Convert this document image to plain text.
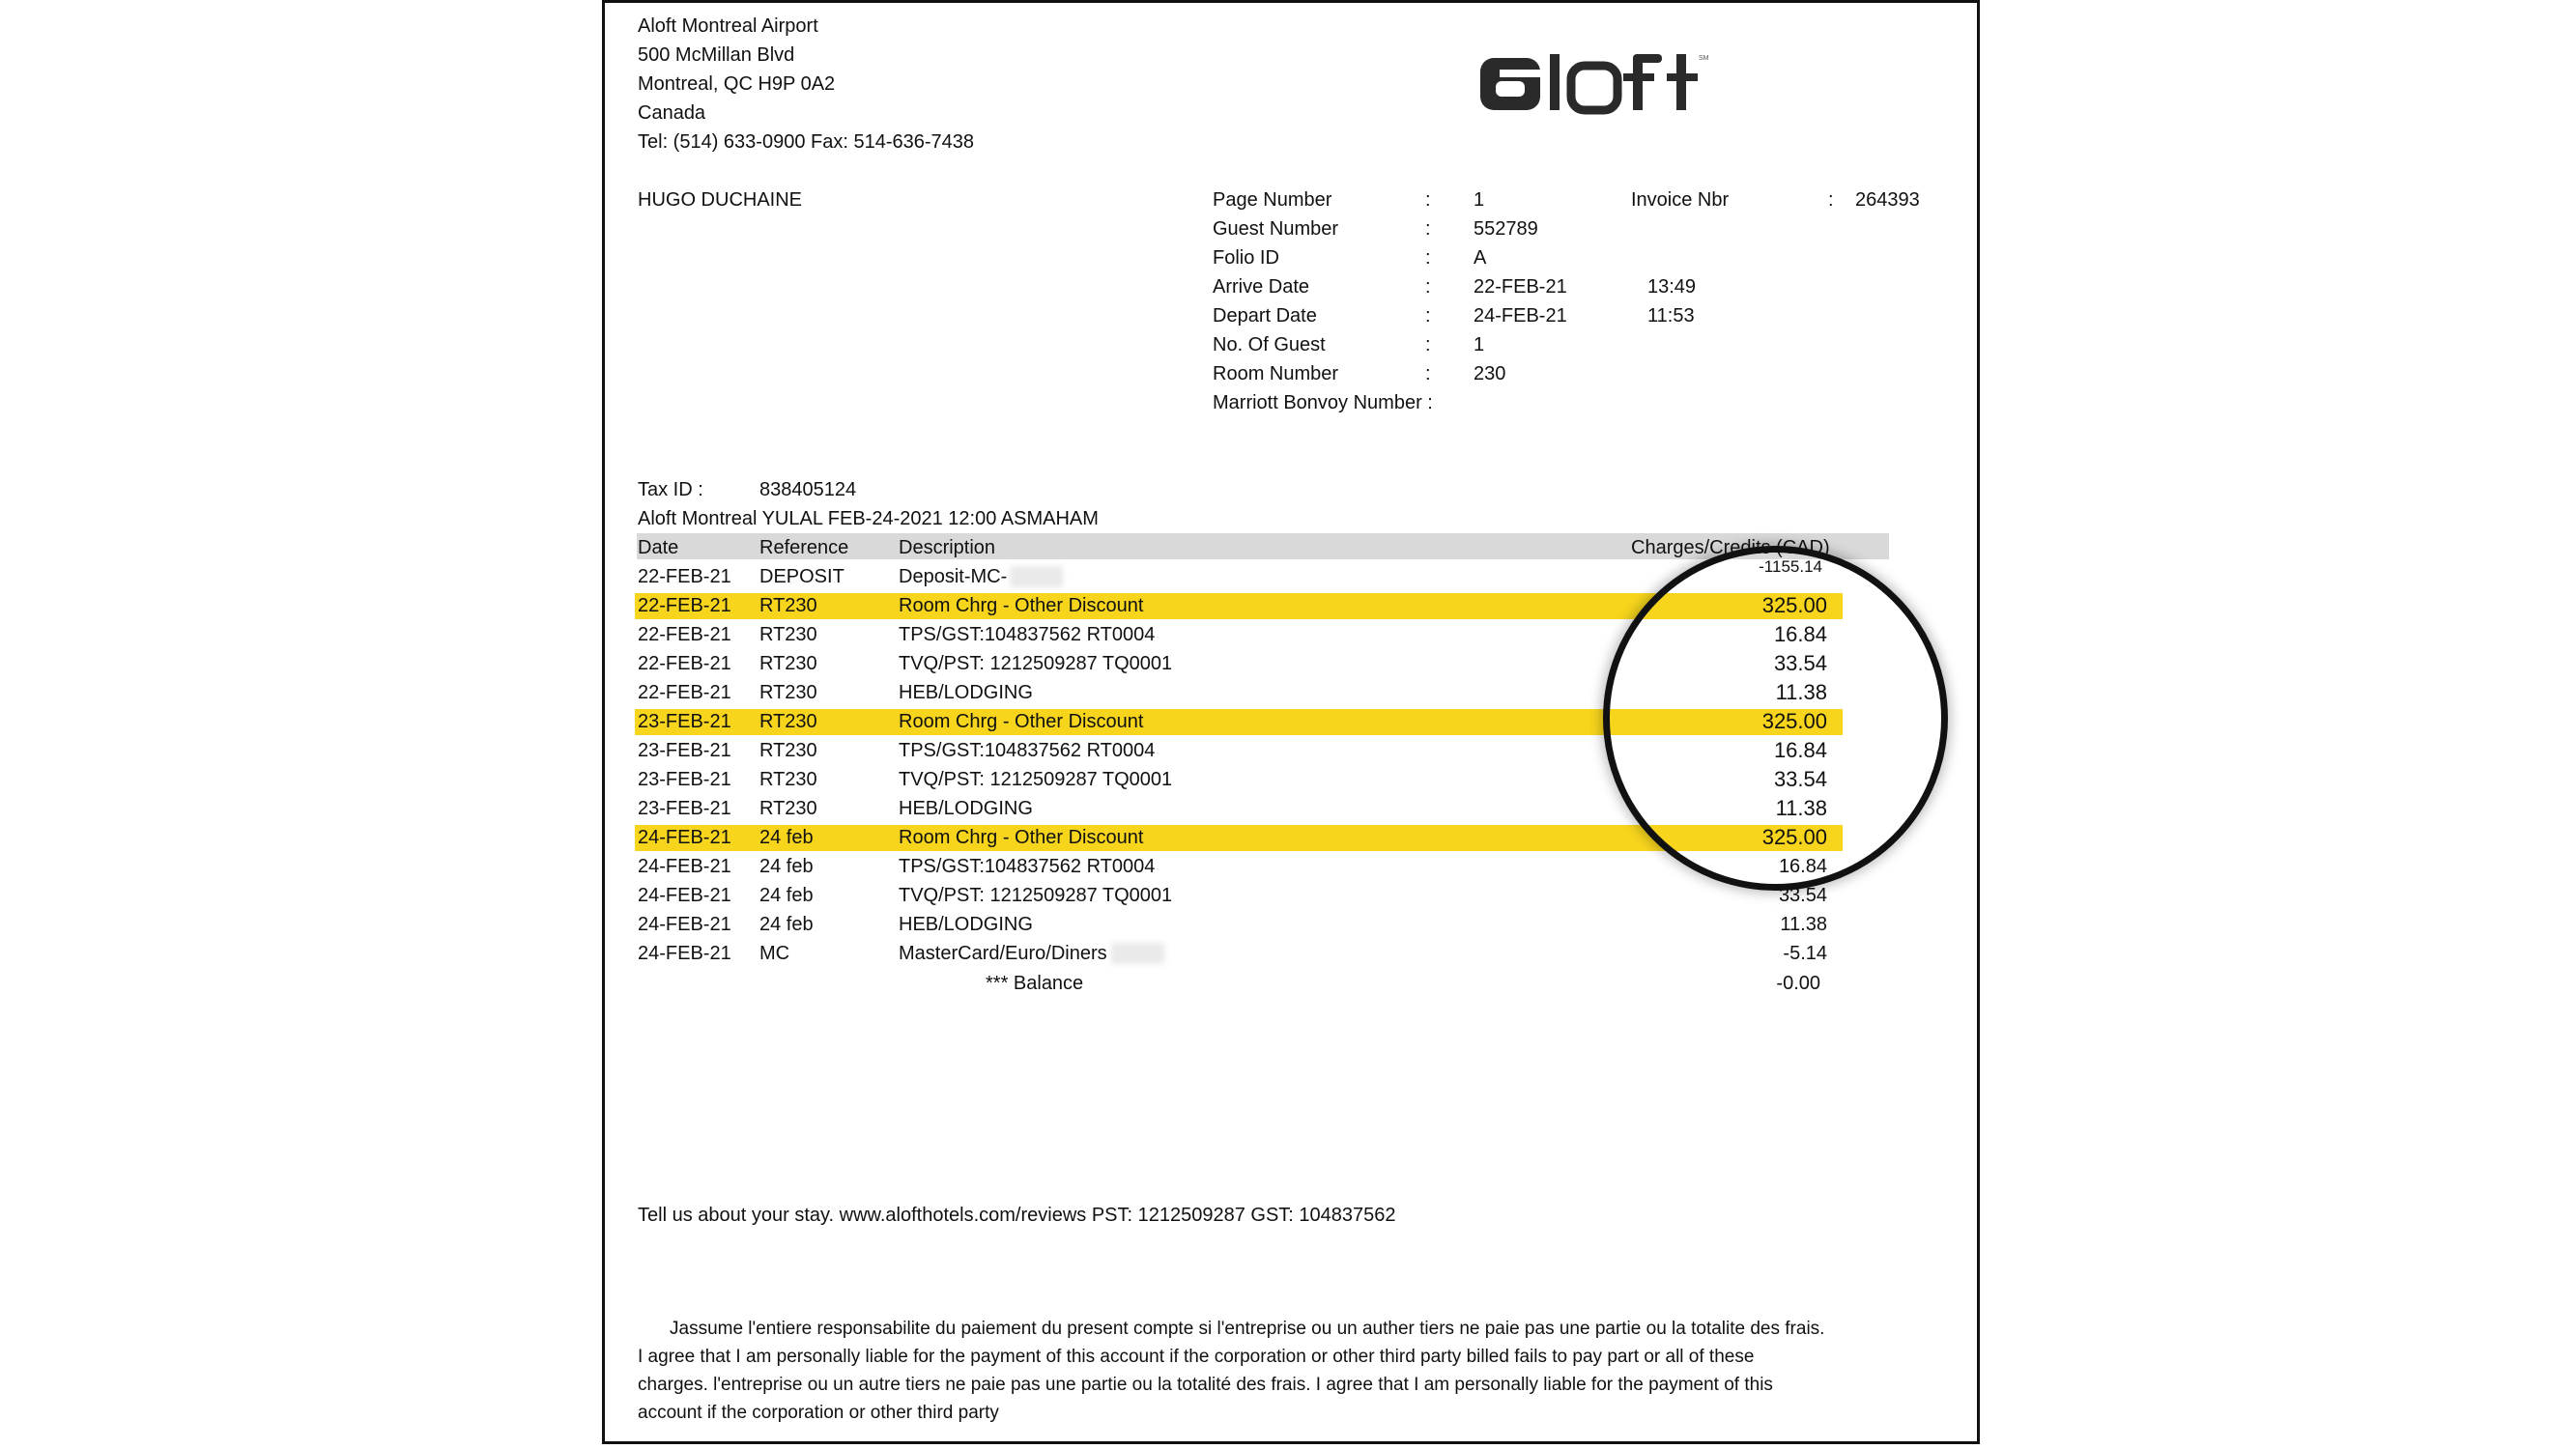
Aloft Montreal Airport
500 McMillan Blvd
Montreal, QC H9P 0A2
Canada
Tel: (514) 633-0900 Fax: 514-636-7438
SM
HUGO DUCHAINE	Page Number	: 1	Invoice Nbr	: 264393
Guest Number	: 552789
Folio ID	: A
Arrive Date	: 22-FEB-21	13:49
Depart Date	: 24-FEB-21	11:53
No. Of Guest	: 1
Room Number	: 230
Marriott Bonvoy Number :
Tax ID :	838405124
Aloft Montreal YULAL FEB-24-2021 12:00 ASMAHAM
Date	Reference	Description	Charges/Credits (CAD)
22-FEB-21 DEPOSIT	Deposit-MC-	-1155.14
22-FEB-21 RT230	Room Chrg - Other Discount	325.00
22-FEB-21 RT230	TPS/GST:104837562 RT0004	16.84
22-FEB-21 RT230	TVQ/PST: 1212509287 TQ0001	33.54
22-FEB-21 RT230	HEB/LODGING	11.38
23-FEB-21 RT230	Room Chrg - Other Discount	325.00
23-FEB-21 RT230	TPS/GST:104837562 RT0004	16.84
23-FEB-21 RT230	TVQ/PST: 1212509287 TQ0001	33.54
23-FEB-21 RT230	HEB/LODGING	11.38
24-FEB-21 24 feb	Room Chrg - Other Discount	325.00
24-FEB-21 24 feb	TPS/GST:104837562 RT0004	16.84
24-FEB-21 24 feb	TVQ/PST: 1212509287 TQ0001	33.54
24-FEB-21 24 feb	HEB/LODGING	11.38
24-FEB-21 MC	MasterCard/Euro/Diners	-5.14
*** Balance	-0.00
Tell us about your stay. www.alofthotels.com/reviews PST: 1212509287 GST: 104837562
Jassume l'entiere responsabilite du paiement du present compte si l'entreprise ou un auther tiers ne paie pas une partie ou la totalite des frais. I agree that I am personally liable for the payment of this account if the corporation or other third party billed fails to pay part or all of these charges. l'entreprise ou un autre tiers ne paie pas une partie ou la totalité des frais. I agree that I am personally liable for the payment of this account if the corporation or other third party
